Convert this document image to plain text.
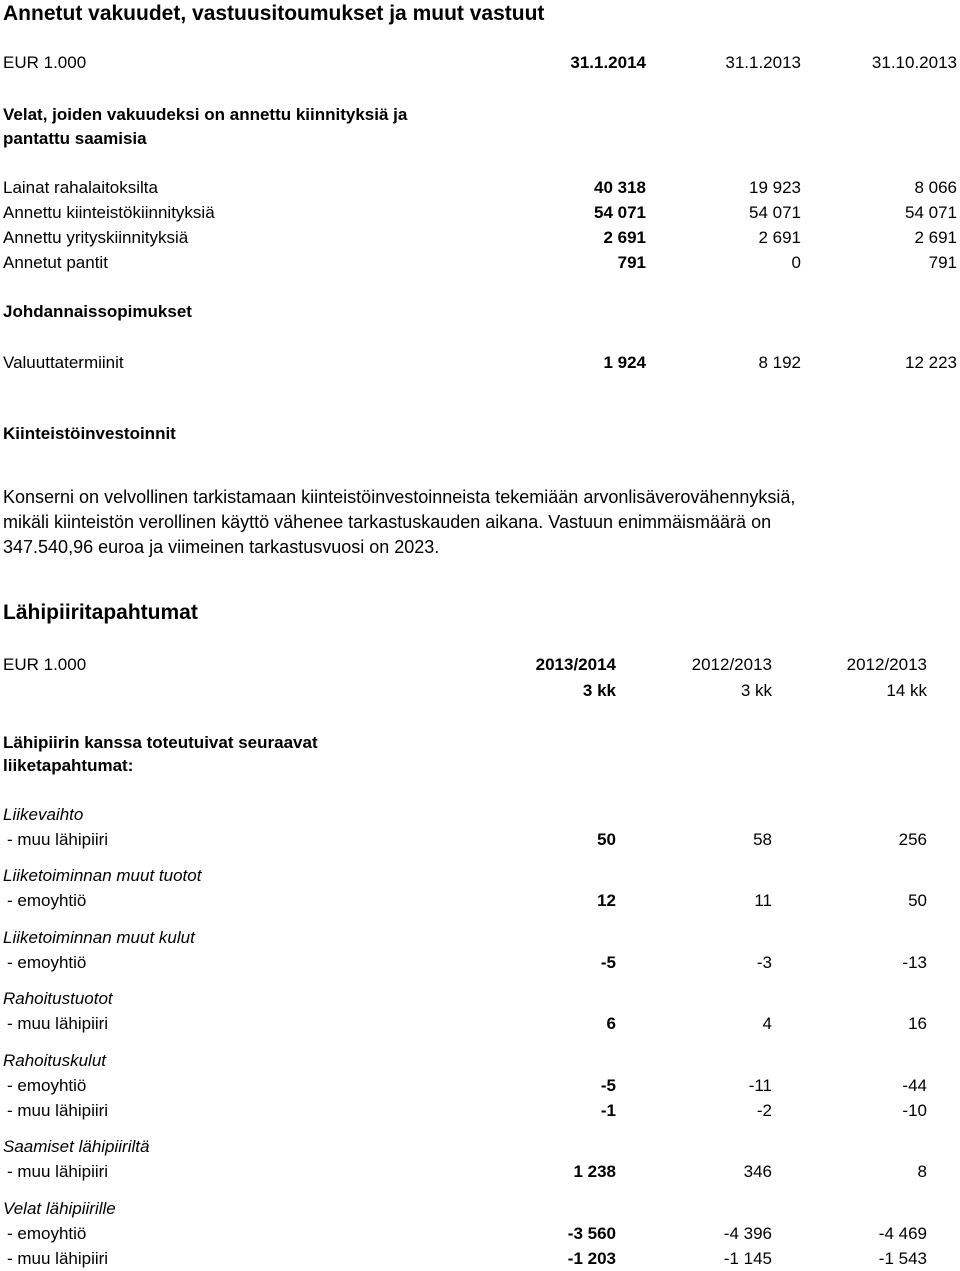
Annetut vakuudet, vastuusitoumukset ja muut vastuut
EUR 1.000	31.1.2014	31.1.2013	31.10.2013
Velat, joiden vakuudeksi on annettu kiinnityksiä ja
pantattu saamisia
Lainat rahalaitoksilta	40 318	19 923	8 066
Annettu kiinteistökiinnityksiä	54 071	54 071	54 071
Annettu yrityskiinnityksiä	2 691	2 691	2 691
Annetut pantit	791	0	791
Johdannaissopimukset
Valuuttatermiinit	1 924	8 192	12 223
Kiinteistöinvestoinnit
Konserni on velvollinen tarkistamaan kiinteistöinvestoinneista tekemiään arvonlisäverovähennyksiä,
mikäli kiinteistön verollinen käyttö vähenee tarkastuskauden aikana. Vastuun enimmäismäärä on
347.540,96 euroa ja viimeinen tarkastusvuosi on 2023.
Lähipiiritapahtumat
EUR 1.000	2013/2014	2012/2013	2012/2013
3 kk	3 kk	14 kk
Lähipiirin kanssa toteutuivat seuraavat
liiketapahtumat:
Liikevaihto
- muu lähipiiri	50	58	256
Liiketoiminnan muut tuotot
- emoyhtiö	12	11	50
Liiketoiminnan muut kulut
- emoyhtiö	-5	-3	-13
Rahoitustuotot
- muu lähipiiri	6	4	16
Rahoituskulut
- emoyhtiö	-5	-11	-44
- muu lähipiiri	-1	-2	-10
Saamiset lähipiiriltä
- muu lähipiiri	1 238	346	8
Velat lähipiirille
- emoyhtiö	-3 560	-4 396	-4 469
- muu lähipiiri	-1 203	-1 145	-1 543
